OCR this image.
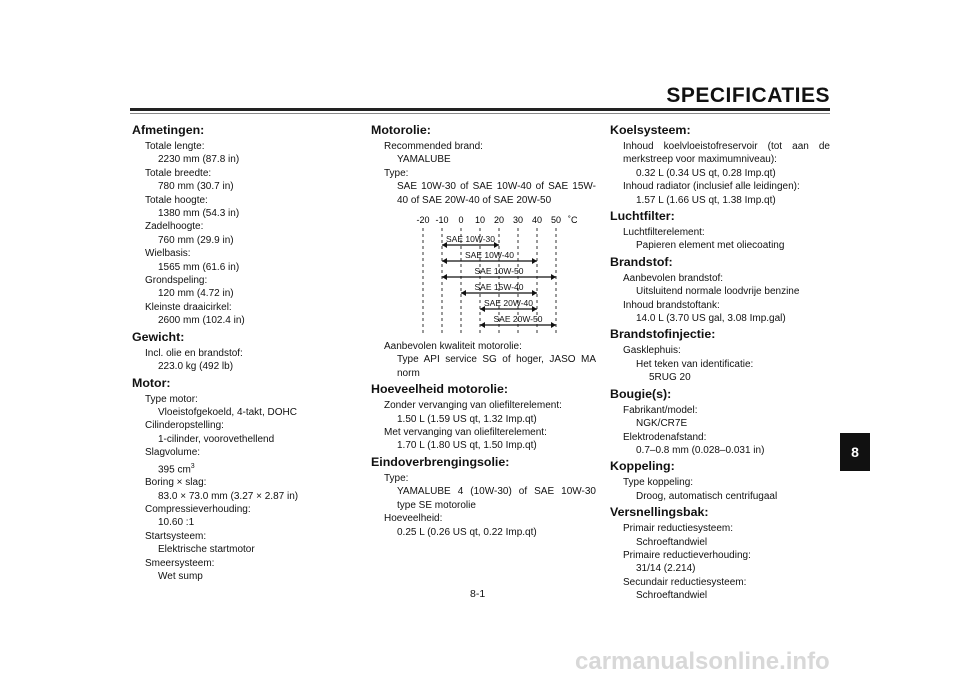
SPECIFICATIES
Afmetingen:
Totale lengte:
2230 mm (87.8 in)
Totale breedte:
780 mm (30.7 in)
Totale hoogte:
1380 mm (54.3 in)
Zadelhoogte:
760 mm (29.9 in)
Wielbasis:
1565 mm (61.6 in)
Grondspeling:
120 mm (4.72 in)
Kleinste draaicirkel:
2600 mm (102.4 in)
Gewicht:
Incl. olie en brandstof:
223.0 kg (492 lb)
Motor:
Type motor:
Vloeistofgekoeld, 4-takt, DOHC
Cilinderopstelling:
1-cilinder, voorovethellend
Slagvolume:
395 $cm^3$
Boring × slag:
83.0 × 73.0 mm (3.27 × 2.87 in)
Compressieverhouding:
10.60 :1
Startsysteem:
Elektrische startmotor
Smeersysteem:
Wet sump
Motorolie:
Recommended brand:
YAMALUBE
Type:
SAE 10W-30 of SAE 10W-40 of SAE 15W-40 of SAE 20W-40 of SAE 20W-50
-20 -10 0 10 20 30 40 50 ˚C
SAE 10W-30
SAE 10W-40
SAE 10W-50
SAE 15W-40
SAE 20W-40
SAE 20W-50
Aanbevolen kwaliteit motorolie:
Type API service SG of hoger, JASO MA norm
Hoeveelheid motorolie:
Zonder vervanging van oliefilterelement:
1.50 L (1.59 US qt, 1.32 Imp.qt)
Met vervanging van oliefilterelement:
1.70 L (1.80 US qt, 1.50 Imp.qt)
Eindoverbrengingsolie:
Type:
YAMALUBE 4 (10W-30) of SAE 10W-30 type SE motorolie
Hoeveelheid:
0.25 L (0.26 US qt, 0.22 Imp.qt)
Koelsysteem:
Inhoud koelvloeistofreservoir (tot aan de merkstreep voor maximumniveau):
0.32 L (0.34 US qt, 0.28 Imp.qt)
Inhoud radiator (inclusief alle leidingen):
1.57 L (1.66 US qt, 1.38 Imp.qt)
Luchtfilter:
Luchtfilterelement:
Papieren element met oliecoating
Brandstof:
Aanbevolen brandstof:
Uitsluitend normale loodvrije benzine
Inhoud brandstoftank:
14.0 L (3.70 US gal, 3.08 Imp.gal)
Brandstofinjectie:
Gasklephuis:
Het teken van identificatie:
5RUG 20
Bougie(s):
Fabrikant/model:
NGK/CR7E
Elektrodenafstand:
0.7–0.8 mm (0.028–0.031 in)
Koppeling:
Type koppeling:
Droog, automatisch centrifugaal
Versnellingsbak:
Primair reductiesysteem:
Schroeftandwiel
Primaire reductieverhouding:
31/14 (2.214)
Secundair reductiesysteem:
Schroeftandwiel
8
8-1
carmanualsonline.info
